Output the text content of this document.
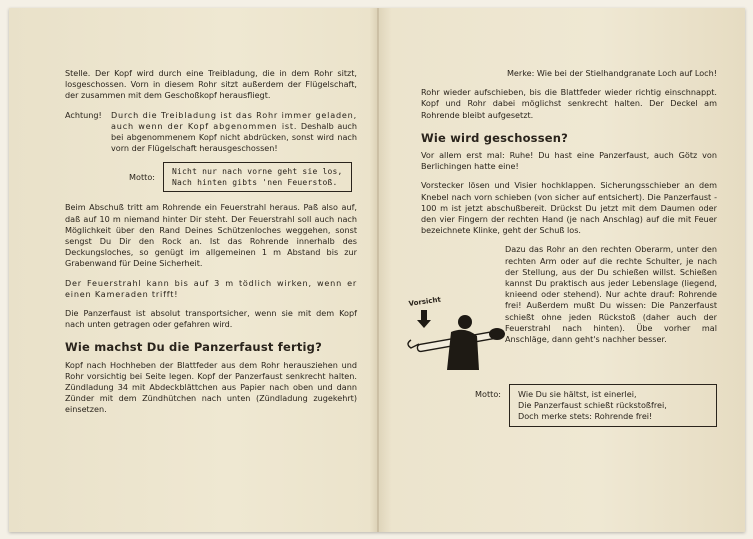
Stelle. Der Kopf wird durch eine Treibladung, die in dem Rohr sitzt, losgeschossen. Vorn in diesem Rohr sitzt außerdem der Flügelschaft, der zusammen mit dem Geschoßkopf herausfliegt.

Achtung!	Durch die Treibladung ist das Rohr immer geladen, auch wenn der Kopf abgenommen ist. Deshalb auch bei abgenommenem Kopf nicht abdrücken, sonst wird nach vorn der Flügelschaft herausgeschossen!
Motto:	Nicht nur nach vorne geht sie los,
Nach hinten gibts 'nen Feuerstoß.

Beim Abschuß tritt am Rohrende ein Feuerstrahl heraus. Paß also auf, daß auf 10 m niemand hinter Dir steht. Der Feuerstrahl soll auch nach Möglichkeit über den Rand Deines Schützenloches weggehen, sonst sengst Du Dir den Rock an. Ist das Rohrende innerhalb des Deckungsloches, so genügt im allgemeinen 1 m Abstand bis zur Grabenwand für Deine Sicherheit.

Der Feuerstrahl kann bis auf 3 m tödlich wirken, wenn er einen Kameraden trifft!

Die Panzerfaust ist absolut transportsicher, wenn sie mit dem Kopf nach unten getragen oder gefahren wird.

Wie machst Du die Panzerfaust fertig?

Kopf nach Hochheben der Blattfeder aus dem Rohr herausziehen und Rohr vorsichtig bei Seite legen. Kopf der Panzerfaust senkrecht halten. Zündladung 34 mit Abdeckblättchen aus Papier nach oben und dann Zünder mit dem Zündhütchen nach unten (Zündladung zugekehrt) einsetzen.

Merke: Wie bei der Stielhandgranate Loch auf Loch!

Rohr wieder aufschieben, bis die Blattfeder wieder richtig einschnappt. Kopf und Rohr dabei möglichst senkrecht halten. Der Deckel am Rohrende bleibt aufgesetzt.

Wie wird geschossen?

Vor allem erst mal: Ruhe! Du hast eine Panzerfaust, auch Götz von Berlichingen hatte eine!

Vorstecker lösen und Visier hochklappen. Sicherungsschieber an dem Knebel nach vorn schieben (von sicher auf entsichert). Die Panzerfaust - 100 m ist jetzt abschußbereit. Drückst Du jetzt mit dem Daumen oder den vier Fingern der rechten Hand (je nach Anschlag) auf die mit Feuer bezeichnete Klinke, geht der Schuß los.

Vorsicht

Dazu das Rohr an den rechten Oberarm, unter den rechten Arm oder auf die rechte Schulter, je nach der Stellung, aus der Du schießen willst. Schießen kannst Du praktisch aus jeder Lebenslage (liegend, knieend oder stehend). Nur achte drauf: Rohrende frei! Außerdem mußt Du wissen: Die Panzerfaust schießt ohne jeden Rückstoß (daher auch der Feuerstrahl nach hinten). Übe vorher mal Anschläge, dann geht's nachher besser.

Motto:	Wie Du sie hältst, ist einerlei,
Die Panzerfaust schießt rückstoßfrei,
Doch merke stets: Rohrende frei!
